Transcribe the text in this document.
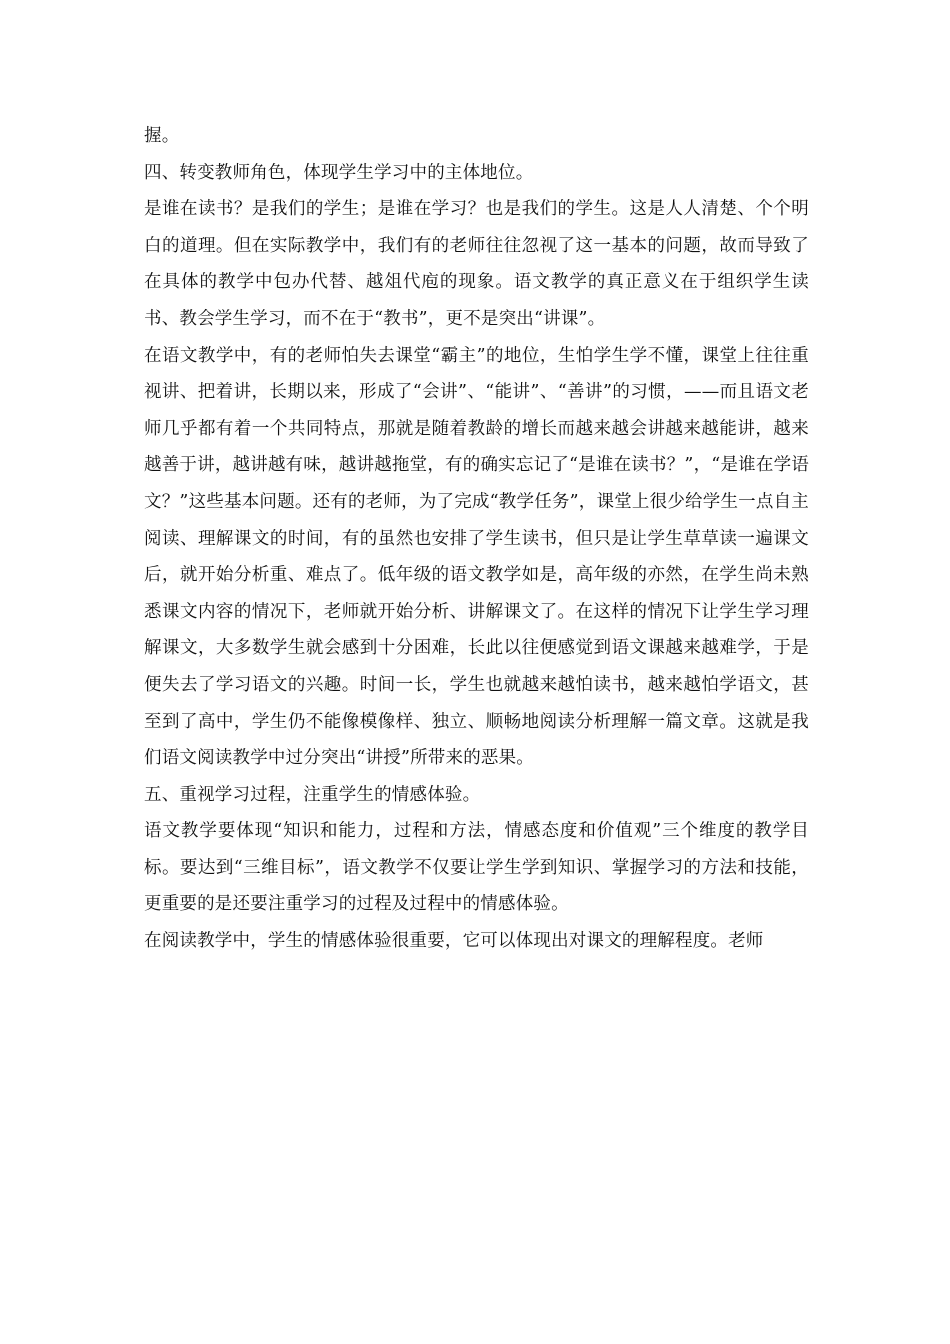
握。

四、转变教师角色，体现学生学习中的主体地位。

是谁在读书？是我们的学生；是谁在学习？也是我们的学生。这是人人清楚、个个明白的道理。但在实际教学中，我们有的老师往往忽视了这一基本的问题，故而导致了在具体的教学中包办代替、越俎代庖的现象。语文教学的真正意义在于组织学生读书、教会学生学习，而不在于“教书”，更不是突出“讲课”。

在语文教学中，有的老师怕失去课堂“霸主”的地位，生怕学生学不懂，课堂上往往重视讲、把着讲，长期以来，形成了“会讲”、“能讲”、“善讲”的习惯，——而且语文老师几乎都有着一个共同特点，那就是随着教龄的增长而越来越会讲越来越能讲，越来越善于讲，越讲越有味，越讲越拖堂，有的确实忘记了“是谁在读书？”，“是谁在学语文？”这些基本问题。还有的老师，为了完成“教学任务”，课堂上很少给学生一点自主阅读、理解课文的时间，有的虽然也安排了学生读书，但只是让学生草草读一遍课文后，就开始分析重、难点了。低年级的语文教学如是，高年级的亦然，在学生尚未熟悉课文内容的情况下，老师就开始分析、讲解课文了。在这样的情况下让学生学习理解课文，大多数学生就会感到十分困难，长此以往便感觉到语文课越来越难学，于是便失去了学习语文的兴趣。时间一长，学生也就越来越怕读书，越来越怕学语文，甚至到了高中，学生仍不能像模像样、独立、顺畅地阅读分析理解一篇文章。这就是我们语文阅读教学中过分突出“讲授”所带来的恶果。

五、重视学习过程，注重学生的情感体验。

语文教学要体现“知识和能力，过程和方法，情感态度和价值观”三个维度的教学目标。要达到“三维目标”，语文教学不仅要让学生学到知识、掌握学习的方法和技能，更重要的是还要注重学习的过程及过程中的情感体验。

在阅读教学中，学生的情感体验很重要，它可以体现出对课文的理解程度。老师
